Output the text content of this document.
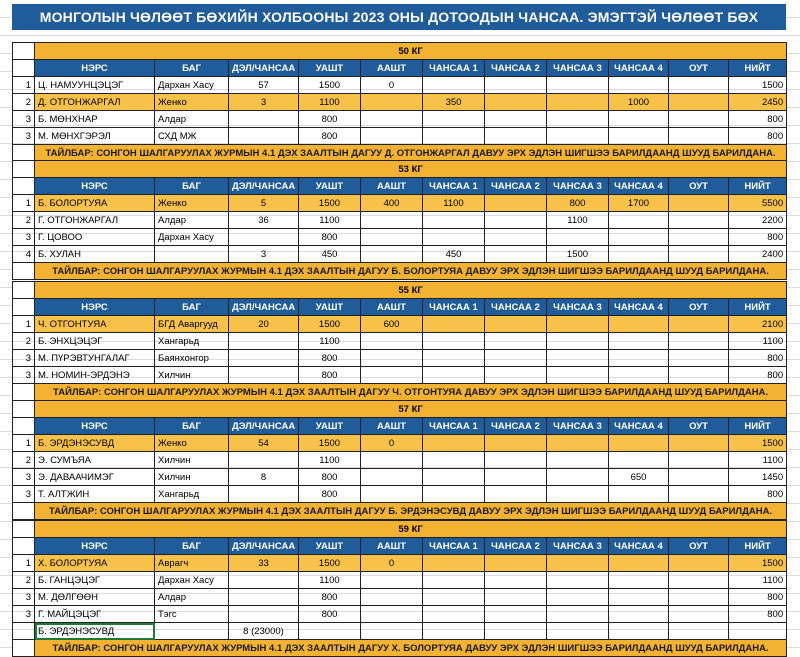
МОНГОЛЫН ЧӨЛӨӨТ БӨХИЙН ХОЛБООНЫ 2023 ОНЫ ДОТООДЫН ЧАНСАА. ЭМЭГТЭЙ ЧӨЛӨӨТ БӨХ
	50 КГ										
	НЭРС	БАГ	ДЭЛ/ЧАНСАА	УАШТ	ААШТ	ЧАНСАА 1	ЧАНСАА 2	ЧАНСАА 3	ЧАНСАА 4	ОУТ	НИЙТ
1	Ц. НАМУУНЦЭЦЭГ	Дархан Хасу	57	1500	0						1500
2	Д. ОТГОНЖАРГАЛ	Женко	3	1100		350			1000		2450
3	Б. МӨНХНАР	Алдар		800							800
3	М. МӨНХГЭРЭЛ	СХД МЖ		800							800
	ТАЙЛБАР: СОНГОН ШАЛГАРУУЛАХ ЖУРМЫН 4.1 ДЭХ ЗААЛТЫН ДАГУУ Д. ОТГОНЖАРГАЛ ДАВУУ ЭРХ ЭДЛЭН ШИГШЭЭ БАРИЛДААНД ШУУД БАРИЛДАНА.										
	53 КГ										
	НЭРС	БАГ	ДЭЛ/ЧАНСАА	УАШТ	ААШТ	ЧАНСАА 1	ЧАНСАА 2	ЧАНСАА 3	ЧАНСАА 4	ОУТ	НИЙТ
1	Б. БОЛОРТУЯА	Женко	5	1500	400	1100		800	1700		5500
2	Г. ОТГОНЖАРГАЛ	Алдар	36	1100				1100			2200
3	Г. ЦОВОО	Дархан Хасу		800							800
4	Б. ХУЛАН		3	450		450		1500			2400
	ТАЙЛБАР: СОНГОН ШАЛГАРУУЛАХ ЖУРМЫН 4.1 ДЭХ ЗААЛТЫН ДАГУУ Б. БОЛОРТУЯА ДАВУУ ЭРХ ЭДЛЭН ШИГШЭЭ БАРИЛДААНД ШУУД БАРИЛДАНА.										
	55 КГ										
	НЭРС	БАГ	ДЭЛ/ЧАНСАА	УАШТ	ААШТ	ЧАНСАА 1	ЧАНСАА 2	ЧАНСАА 3	ЧАНСАА 4	ОУТ	НИЙТ
1	Ч. ОТГОНТУЯА	БГД Аваргууд	20	1500	600						2100
2	Б. ЭНХЦЭЦЭГ	Хангарьд		1100							1100
3	М. ПҮРЭВТУНГАЛАГ	Баянхонгор		800							800
3	М. НОМИН-ЭРДЭНЭ	Хилчин		800							800
	ТАЙЛБАР: СОНГОН ШАЛГАРУУЛАХ ЖУРМЫН 4.1 ДЭХ ЗААЛТЫН ДАГУУ Ч. ОТГОНТУЯА ДАВУУ ЭРХ ЭДЛЭН ШИГШЭЭ БАРИЛДААНД ШУУД БАРИЛДАНА.										
	57 КГ										
	НЭРС	БАГ	ДЭЛ/ЧАНСАА	УАШТ	ААШТ	ЧАНСАА 1	ЧАНСАА 2	ЧАНСАА 3	ЧАНСАА 4	ОУТ	НИЙТ
1	Б. ЭРДЭНЭСУВД	Женко	54	1500	0						1500
2	Э. СУМЪЯА	Хилчин		1100							1100
3	Э. ДАВААЧИМЭГ	Хилчин	8	800					650		1450
3	Т. АЛТЖИН	Хангарьд		800							800
	ТАЙЛБАР: СОНГОН ШАЛГАРУУЛАХ ЖУРМЫН 4.1 ДЭХ ЗААЛТЫН ДАГУУ Б. ЭРДЭНЭСУВД ДАВУУ ЭРХ ЭДЛЭН ШИГШЭЭ БАРИЛДААНД ШУУД БАРИЛДАНА.										
	59 КГ										
	НЭРС	БАГ	ДЭЛ/ЧАНСАА	УАШТ	ААШТ	ЧАНСАА 1	ЧАНСАА 2	ЧАНСАА 3	ЧАНСАА 4	ОУТ	НИЙТ
1	Х. БОЛОРТУЯА	Аврагч	33	1500	0						1500
2	Б. ГАНЦЭЦЭГ	Дархан Хасу		1100							1100
3	М. ДӨЛГӨӨН	Алдар		800							800
3	Г. МАЙЦЭЦЭГ	Тэгс		800							800
	Б. ЭРДЭНЭСУВД		8 (23000)								
	ТАЙЛБАР: СОНГОН ШАЛГАРУУЛАХ ЖУРМЫН 4.1 ДЭХ ЗААЛТЫН ДАГУУ Х. БОЛОРТУЯА ДАВУУ ЭРХ ЭДЛЭН ШИГШЭЭ БАРИЛДААНД ШУУД БАРИЛДАНА.										
